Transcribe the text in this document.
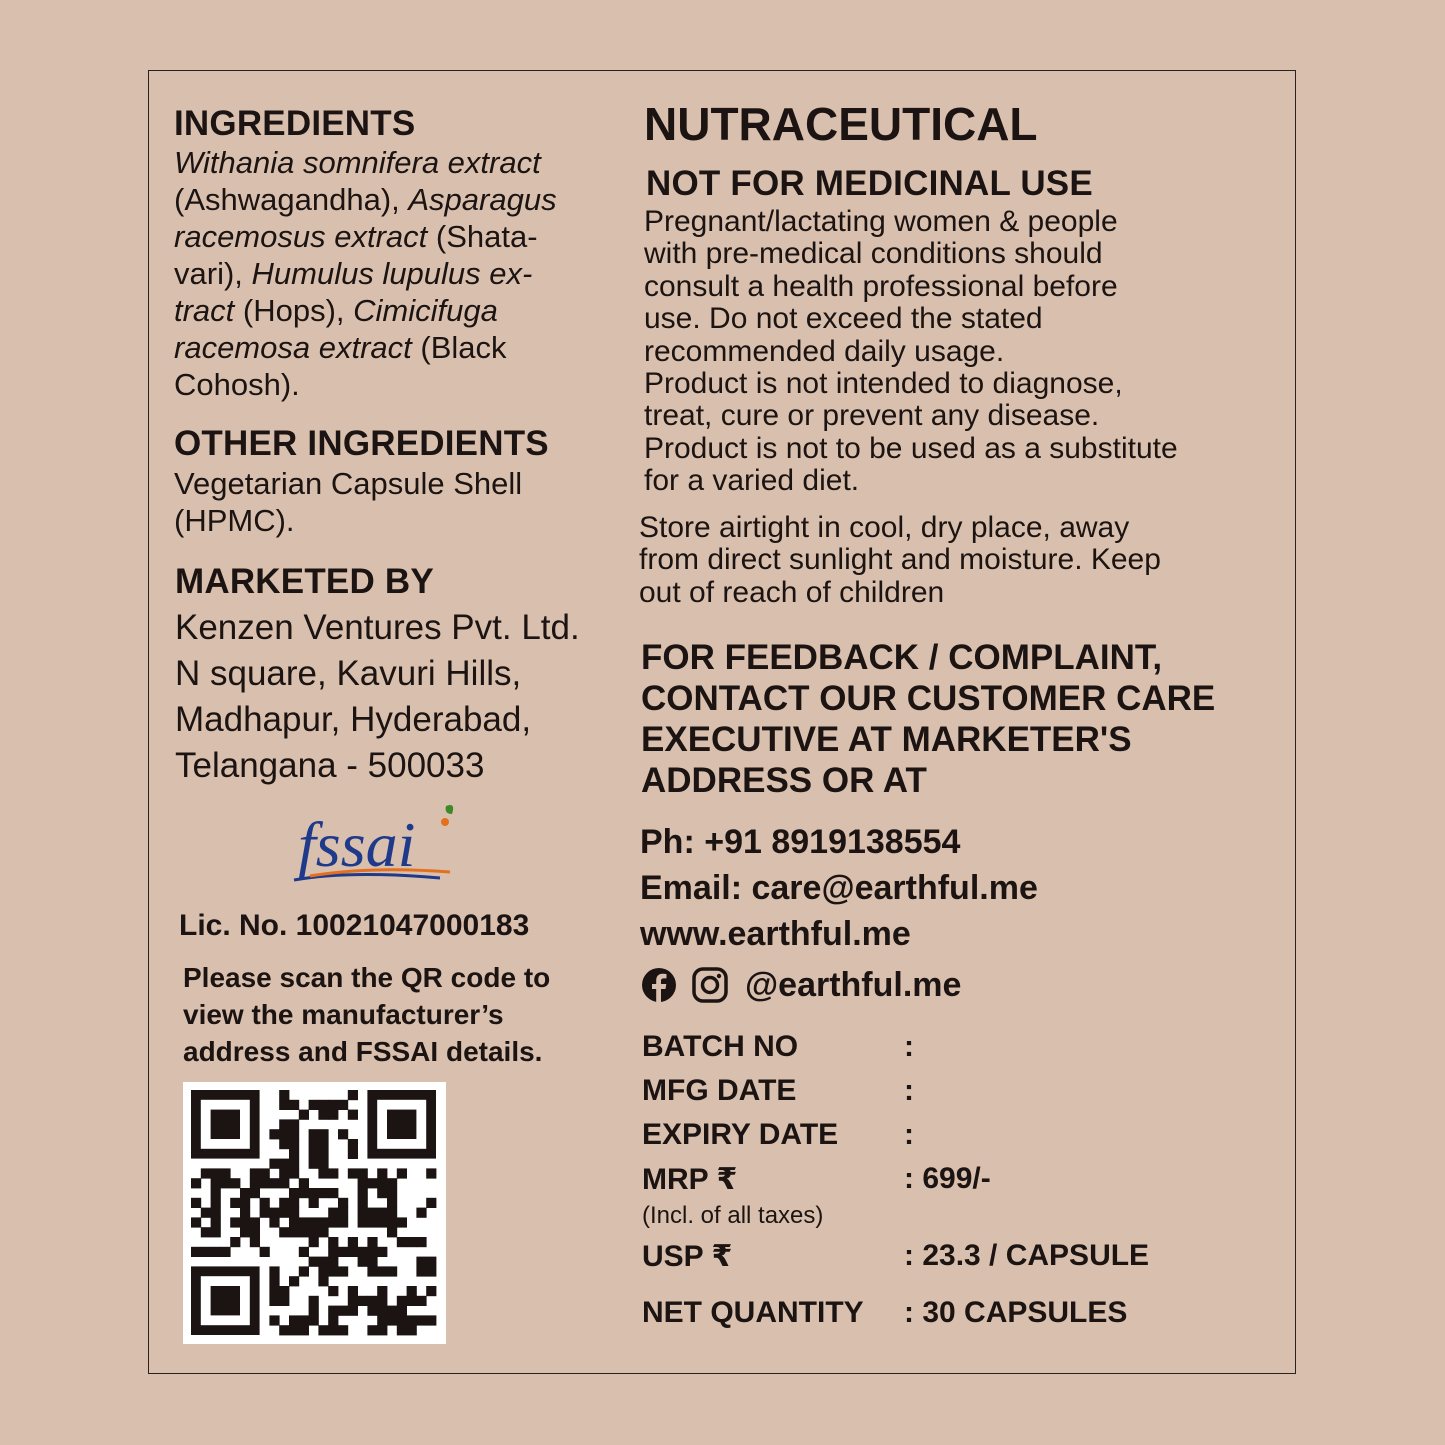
INGREDIENTS

Withania somnifera extract

(Ashwagandha), Asparagus

racemosus extract (Shata-

vari), Humulus lupulus ex-

tract (Hops), Cimicifuga

racemosa extract (Black

Cohosh).

OTHER INGREDIENTS
Vegetarian Capsule Shell
(HPMC).
MARKETED BY
Kenzen Ventures Pvt. Ltd.
N square, Kavuri Hills,
Madhapur, Hyderabad,
Telangana - 500033
fssai
Lic. No. 10021047000183
Please scan the QR code to
view the manufacturer’s
address and FSSAI details.
NUTRACEUTICAL
NOT FOR MEDICINAL USE
Pregnant/lactating women & people
with pre-medical conditions should
consult a health professional before
use. Do not exceed the stated
recommended daily usage.
Product is not intended to diagnose,
treat, cure or prevent any disease.
Product is not to be used as a substitute
for a varied diet.
Store airtight in cool, dry place, away
from direct sunlight and moisture. Keep
out of reach of children
FOR FEEDBACK / COMPLAINT,
CONTACT OUR CUSTOMER CARE
EXECUTIVE AT MARKETER'S
ADDRESS OR AT
Ph: +91 8919138554
Email: care@earthful.me
www.earthful.me
@earthful.me
BATCH NO	:
MFG DATE	:
EXPIRY DATE :
MRP ₹	: 699/-
(Incl. of all taxes)
USP ₹	: 23.3 / CAPSULE
NET QUANTITY : 30 CAPSULES
